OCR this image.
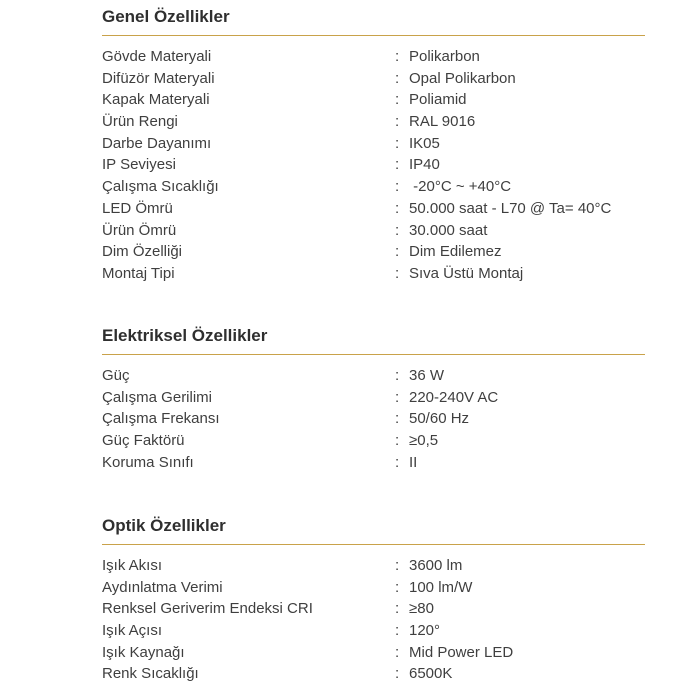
Genel Özellikler
Gövde Materyali	: Polikarbon
Difüzör Materyali	: Opal Polikarbon
Kapak Materyali	: Poliamid
Ürün Rengi	: RAL 9016
Darbe Dayanımı	: IK05
IP Seviyesi	: IP40
Çalışma Sıcaklığı	: -20°C ~ +40°C
LED Ömrü	: 50.000 saat - L70 @ Ta= 40°C
Ürün Ömrü	: 30.000 saat
Dim Özelliği	: Dim Edilemez
Montaj Tipi	: Sıva Üstü Montaj
Elektriksel Özellikler
Güç	: 36 W
Çalışma Gerilimi	: 220-240V AC
Çalışma Frekansı	: 50/60 Hz
Güç Faktörü	: ≥0,5
Koruma Sınıfı	: II
Optik Özellikler
Işık Akısı	: 3600 lm
Aydınlatma Verimi	: 100 lm/W
Renksel Geriverim Endeksi CRI	: ≥80
Işık Açısı	: 120°
Işık Kaynağı	: Mid Power LED
Renk Sıcaklığı	: 6500K
